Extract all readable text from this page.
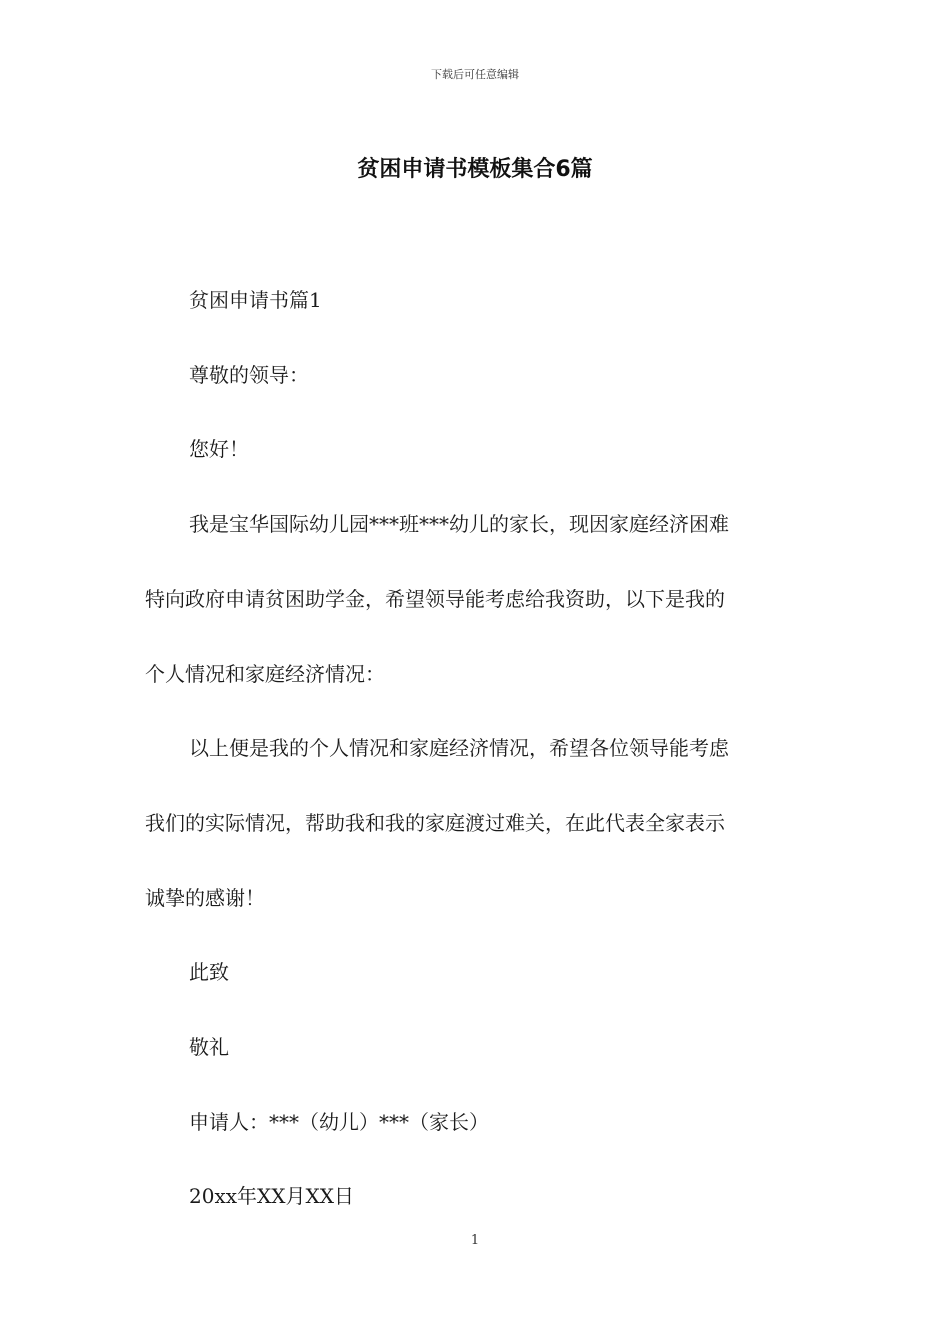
下载后可任意编辑
贫困申请书模板集合6篇
贫困申请书篇1
尊敬的领导：
您好！
我是宝华国际幼儿园***班***幼儿的家长，现因家庭经济困难
特向政府申请贫困助学金，希望领导能考虑给我资助，以下是我的
个人情况和家庭经济情况：
以上便是我的个人情况和家庭经济情况，希望各位领导能考虑
我们的实际情况，帮助我和我的家庭渡过难关，在此代表全家表示
诚挚的感谢！
此致
敬礼
申请人：***（幼儿）***（家长）
20xx年XX月XX日
1
